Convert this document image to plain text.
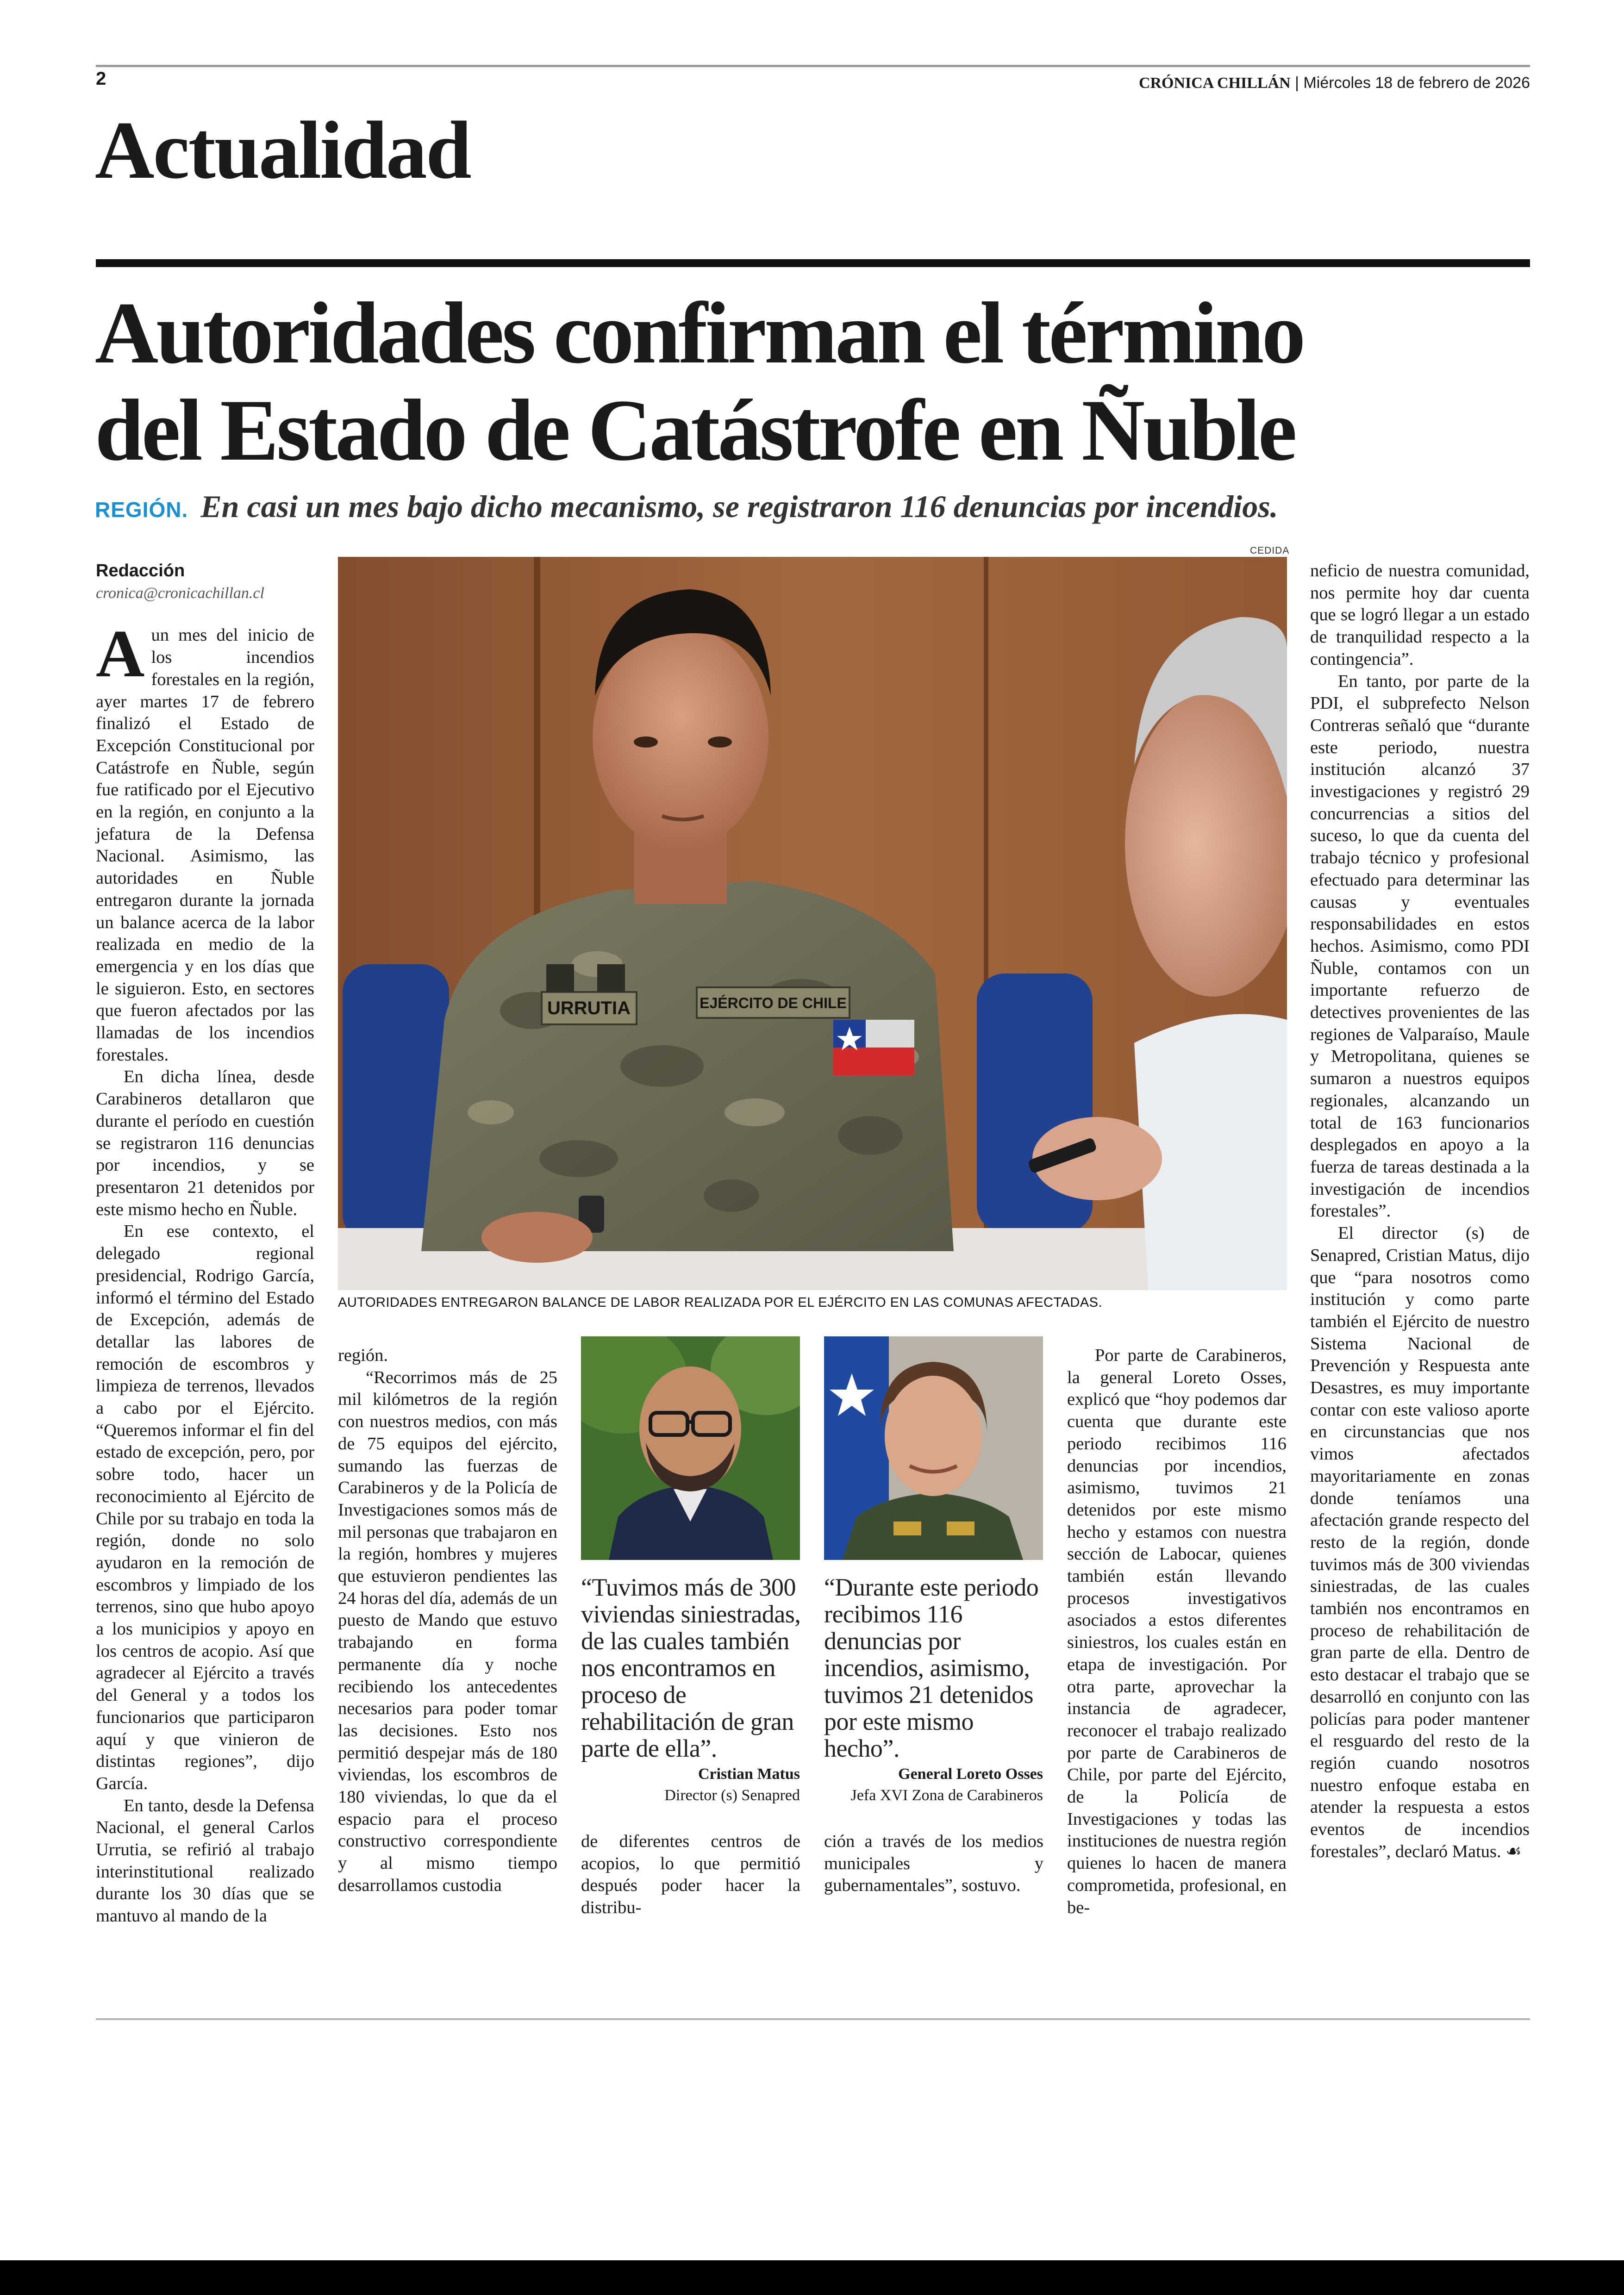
2	CRÓNICA CHILLÁN | Miércoles 18 de febrero de 2026
Actualidad
Autoridades confirman el término
del Estado de Catástrofe en Ñuble
REGIÓN. En casi un mes bajo dicho mecanismo, se registraron 116 denuncias por incendios.
Redacción
cronica@cronicachillan.cl

Aun mes del inicio de los incendios forestales en la región, ayer martes 17 de febrero finalizó el Estado de Excepción Constitucional por Catástrofe en Ñuble, según fue ratificado por el Ejecutivo en la región, en conjunto a la jefatura de la Defensa Nacional. Asimismo, las autoridades en Ñuble entregaron durante la jornada un balance acerca de la labor realizada en medio de la emergencia y en los días que le siguieron. Esto, en sectores que fueron afectados por las llamadas de los incendios forestales.

En dicha línea, desde Carabineros detallaron que durante el período en cuestión se registraron 116 denuncias por incendios, y se presentaron 21 detenidos por este mismo hecho en Ñuble.

En ese contexto, el delegado regional presidencial, Rodrigo García, informó el término del Estado de Excepción, además de detallar las labores de remoción de escombros y limpieza de terrenos, llevados a cabo por el Ejército. “Queremos informar el fin del estado de excepción, pero, por sobre todo, hacer un reconocimiento al Ejército de Chile por su trabajo en toda la región, donde no solo ayudaron en la remoción de escombros y limpiado de los terrenos, sino que hubo apoyo a los municipios y apoyo en los centros de acopio. Así que agradecer al Ejército a través del General y a todos los funcionarios que participaron aquí y que vinieron de distintas regiones”, dijo García.

En tanto, desde la Defensa Nacional, el general Carlos Urrutia, se refirió al trabajo interinstitutional realizado durante los 30 días que se mantuvo al mando de la

CEDIDA
URRUTIA	EJÉRCITO DE CHILE
AUTORIDADES ENTREGARON BALANCE DE LABOR REALIZADA POR EL EJÉRCITO EN LAS COMUNAS AFECTADAS.

región.

“Recorrimos más de 25 mil kilómetros de la región con nuestros medios, con más de 75 equipos del ejército, sumando las fuerzas de Carabineros y de la Policía de Investigaciones somos más de mil personas que trabajaron en la región, hombres y mujeres que estuvieron pendientes las 24 horas del día, además de un puesto de Mando que estuvo trabajando en forma permanente día y noche recibiendo los antecedentes necesarios para poder tomar las decisiones. Esto nos permitió despejar más de 180 viviendas, los escombros de 180 viviendas, lo que da el espacio para el proceso constructivo correspondiente y al mismo tiempo desarrollamos custodia

“Tuvimos más de 300 viviendas siniestradas, de las cuales también nos encontramos en proceso de rehabilitación de gran parte de ella”.
Cristian Matus
Director (s) Senapred

de diferentes centros de acopios, lo que permitió después poder hacer la distribu-

“Durante este periodo recibimos 116 denuncias por incendios, asimismo, tuvimos 21 detenidos por este mismo hecho”.
General Loreto Osses
Jefa XVI Zona de Carabineros

ción a través de los medios municipales y gubernamentales”, sostuvo.

Por parte de Carabineros, la general Loreto Osses, explicó que “hoy podemos dar cuenta que durante este periodo recibimos 116 denuncias por incendios, asimismo, tuvimos 21 detenidos por este mismo hecho y estamos con nuestra sección de Labocar, quienes también están llevando procesos investigativos asociados a estos diferentes siniestros, los cuales están en etapa de investigación. Por otra parte, aprovechar la instancia de agradecer, reconocer el trabajo realizado por parte de Carabineros de Chile, por parte del Ejército, de la Policía de Investigaciones y todas las instituciones de nuestra región quienes lo hacen de manera comprometida, profesional, en be-

neficio de nuestra comunidad, nos permite hoy dar cuenta que se logró llegar a un estado de tranquilidad respecto a la contingencia”.

En tanto, por parte de la PDI, el subprefecto Nelson Contreras señaló que “durante este periodo, nuestra institución alcanzó 37 investigaciones y registró 29 concurrencias a sitios del suceso, lo que da cuenta del trabajo técnico y profesional efectuado para determinar las causas y eventuales responsabilidades en estos hechos. Asimismo, como PDI Ñuble, contamos con un importante refuerzo de detectives provenientes de las regiones de Valparaíso, Maule y Metropolitana, quienes se sumaron a nuestros equipos regionales, alcanzando un total de 163 funcionarios desplegados en apoyo a la fuerza de tareas destinada a la investigación de incendios forestales”.

El director (s) de Senapred, Cristian Matus, dijo que “para nosotros como institución y como parte también el Ejército de nuestro Sistema Nacional de Prevención y Respuesta ante Desastres, es muy importante contar con este valioso aporte en circunstancias que nos vimos afectados mayoritariamente en zonas donde teníamos una afectación grande respecto del resto de la región, donde tuvimos más de 300 viviendas siniestradas, de las cuales también nos encontramos en proceso de rehabilitación de gran parte de ella. Dentro de esto destacar el trabajo que se desarrolló en conjunto con las policías para poder mantener el resguardo del resto de la región cuando nosotros nuestro enfoque estaba en atender la respuesta a estos eventos de incendios forestales”, declaró Matus. ☙
